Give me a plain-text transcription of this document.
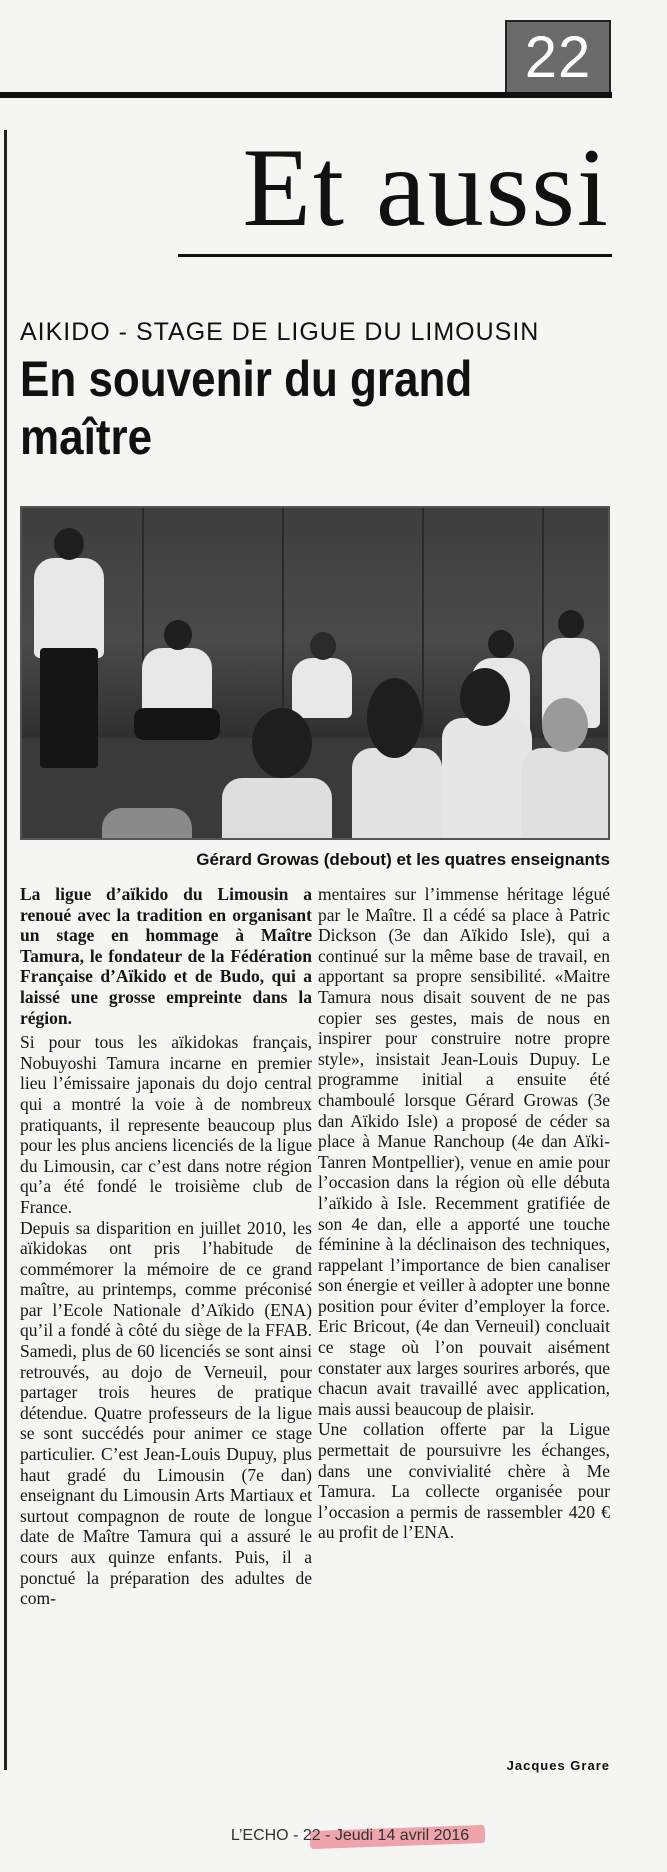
22
Et aussi
AIKIDO - STAGE DE LIGUE DU LIMOUSIN
En souvenir du grand maître
Gérard Growas (debout) et les quatres enseignants

La ligue d’aïkido du Limousin a renoué avec la tradition en organisant un stage en hommage à Maître Tamura, le fondateur de la Fédération Française d’Aïkido et de Budo, qui a laissé une grosse empreinte dans la région.

Si pour tous les aïkidokas français, Nobuyoshi Tamura incarne en premier lieu l’émissaire japonais du dojo central qui a montré la voie à de nombreux pratiquants, il represente beaucoup plus pour les plus anciens licenciés de la ligue du Limousin, car c’est dans notre région qu’a été fondé le troisième club de France.

Depuis sa disparition en juillet 2010, les aïkidokas ont pris l’habitude de commémorer la mémoire de ce grand maître, au printemps, comme préconisé par l’Ecole Nationale d’Aïkido (ENA) qu’il a fondé à côté du siège de la FFAB. Samedi, plus de 60 licenciés se sont ainsi retrouvés, au dojo de Verneuil, pour partager trois heures de pratique détendue. Quatre professeurs de la ligue se sont succédés pour animer ce stage particulier. C’est Jean-Louis Dupuy, plus haut gradé du Limousin (7e dan) enseignant du Limousin Arts Martiaux et surtout compagnon de route de longue date de Maître Tamura qui a assuré le cours aux quinze enfants. Puis, il a ponctué la préparation des adultes de com-

mentaires sur l’immense héritage légué par le Maître. Il a cédé sa place à Patric Dickson (3e dan Aïkido Isle), qui a continué sur la même base de travail, en apportant sa propre sensibilité. «Maitre Tamura nous disait souvent de ne pas copier ses gestes, mais de nous en inspirer pour construire notre propre style», insistait Jean-Louis Dupuy. Le programme initial a ensuite été chamboulé lorsque Gérard Growas (3e dan Aïkido Isle) a proposé de céder sa place à Manue Ranchoup (4e dan Aïki-Tanren Montpellier), venue en amie pour l’occasion dans la région où elle débuta l’aïkido à Isle. Recemment gratifiée de son 4e dan, elle a apporté une touche féminine à la déclinaison des techniques, rappelant l’importance de bien canaliser son énergie et veiller à adopter une bonne position pour éviter d’employer la force. Eric Bricout, (4e dan Verneuil) concluait ce stage où l’on pouvait aisément constater aux larges sourires arborés, que chacun avait travaillé avec application, mais aussi beaucoup de plaisir.

Une collation offerte par la Ligue permettait de poursuivre les échanges, dans une convivialité chère à Me Tamura. La collecte organisée pour l’occasion a permis de rassembler 420 € au profit de l’ENA.

Jacques Grare
L’ECHO - 22 - Jeudi 14 avril 2016
